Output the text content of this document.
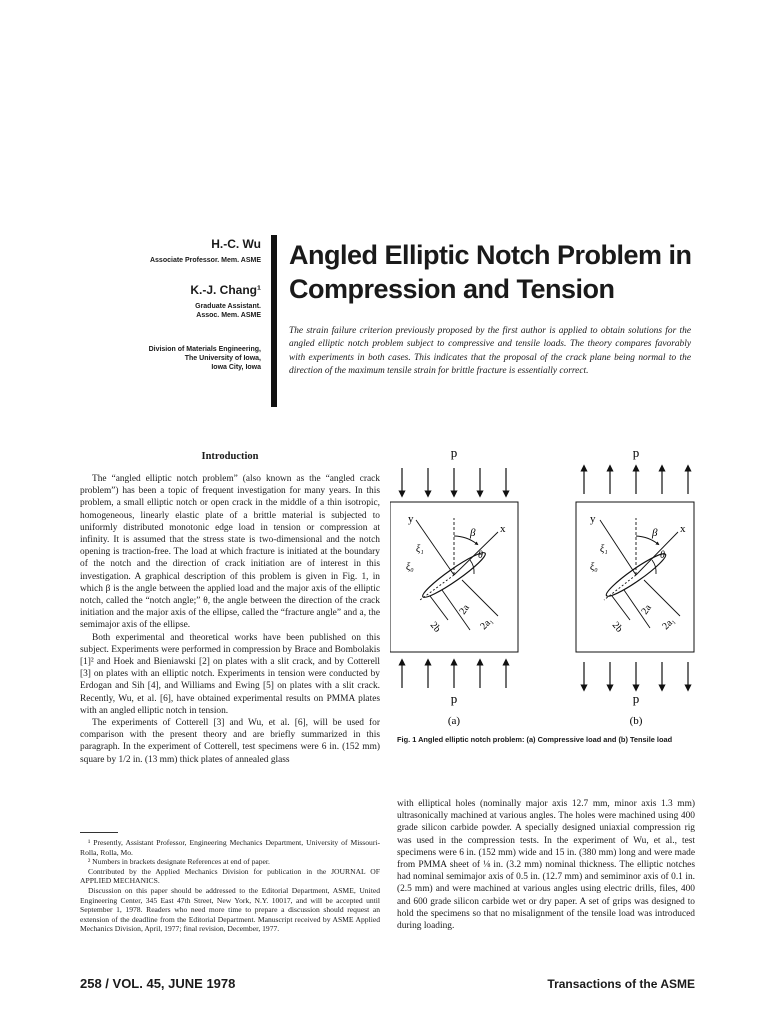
H.-C. Wu
Associate Professor. Mem. ASME
K.-J. Chang¹
Graduate Assistant.
Assoc. Mem. ASME
Division of Materials Engineering,
The University of Iowa,
Iowa City, Iowa
Angled Elliptic Notch Problem in
Compression and Tension
The strain failure criterion previously proposed by the first author is applied to obtain solutions for the angled elliptic notch problem subject to compressive and tensile loads. The theory compares favorably with experiments in both cases. This indicates that the proposal of the crack plane being normal to the direction of the maximum tensile strain for brittle fracture is essentially correct.
Introduction

The “angled elliptic notch problem” (also known as the “angled crack problem”) has been a topic of frequent investigation for many years. In this problem, a small elliptic notch or open crack in the middle of a thin isotropic, homogeneous, linearly elastic plate of a brittle material is subjected to uniformly distributed monotonic edge load in tension or compression at infinity. It is assumed that the stress state is two-dimensional and the notch opening is traction-free. The load at which fracture is initiated at the boundary of the notch and the direction of crack initiation are of interest in this investigation. A graphical description of this problem is given in Fig. 1, in which β is the angle between the applied load and the major axis of the elliptic notch, called the “notch angle;” θ, the angle between the direction of the crack initiation and the major axis of the ellipse, called the “fracture angle” and a, the semimajor axis of the ellipse.

Both experimental and theoretical works have been published on this subject. Experiments were performed in compression by Brace and Bombolakis [1]² and Hoek and Bieniawski [2] on plates with a slit crack, and by Cotterell [3] on plates with an elliptic notch. Experiments in tension were conducted by Erdogan and Sih [4], and Williams and Ewing [5] on plates with a slit crack. Recently, Wu, et al. [6], have obtained experimental results on PMMA plates with an angled elliptic notch in tension.

The experiments of Cotterell [3] and Wu, et al. [6], will be used for comparison with the present theory and are briefly summarized in this paragraph. In the experiment of Cotterell, test specimens were 6 in. (152 mm) square by 1/2 in. (13 mm) thick plates of annealed glass

¹ Presently, Assistant Professor, Engineering Mechanics Department, University of Missouri-Rolla, Rolla, Mo.

² Numbers in brackets designate References at end of paper.

Contributed by the Applied Mechanics Division for publication in the JOURNAL OF APPLIED MECHANICS.

Discussion on this paper should be addressed to the Editorial Department, ASME, United Engineering Center, 345 East 47th Street, New York, N.Y. 10017, and will be accepted until September 1, 1978. Readers who need more time to prepare a discussion should request an extension of the deadline from the Editorial Department. Manuscript received by ASME Applied Mechanics Division, April, 1977; final revision, December, 1977.

p
y
x
β
θ
ξ₁
ξ₀
2a
2a₁
2b
p
(a)
p
y
x
β
θ
ξ₁
ξ₀
2a
2a₁
2b
p
(b)
Fig. 1 Angled elliptic notch problem: (a) Compressive load and (b) Tensile load
with elliptical holes (nominally major axis 12.7 mm, minor axis 1.3 mm) ultrasonically machined at various angles. The holes were machined using 400 grade silicon carbide powder. A specially designed uniaxial compression rig was used in the compression tests. In the experiment of Wu, et al., test specimens were 6 in. (152 mm) wide and 15 in. (380 mm) long and were made from PMMA sheet of ⅛ in. (3.2 mm) nominal thickness. The elliptic notches had nominal semimajor axis of 0.5 in. (12.7 mm) and semiminor axis of 0.1 in. (2.5 mm) and were machined at various angles using electric drills, files, 400 and 600 grade silicon carbide wet or dry paper. A set of grips was designed to hold the specimens so that no misalignment of the tensile load was introduced during loading.
258 / VOL. 45, JUNE 1978	Transactions of the ASME
